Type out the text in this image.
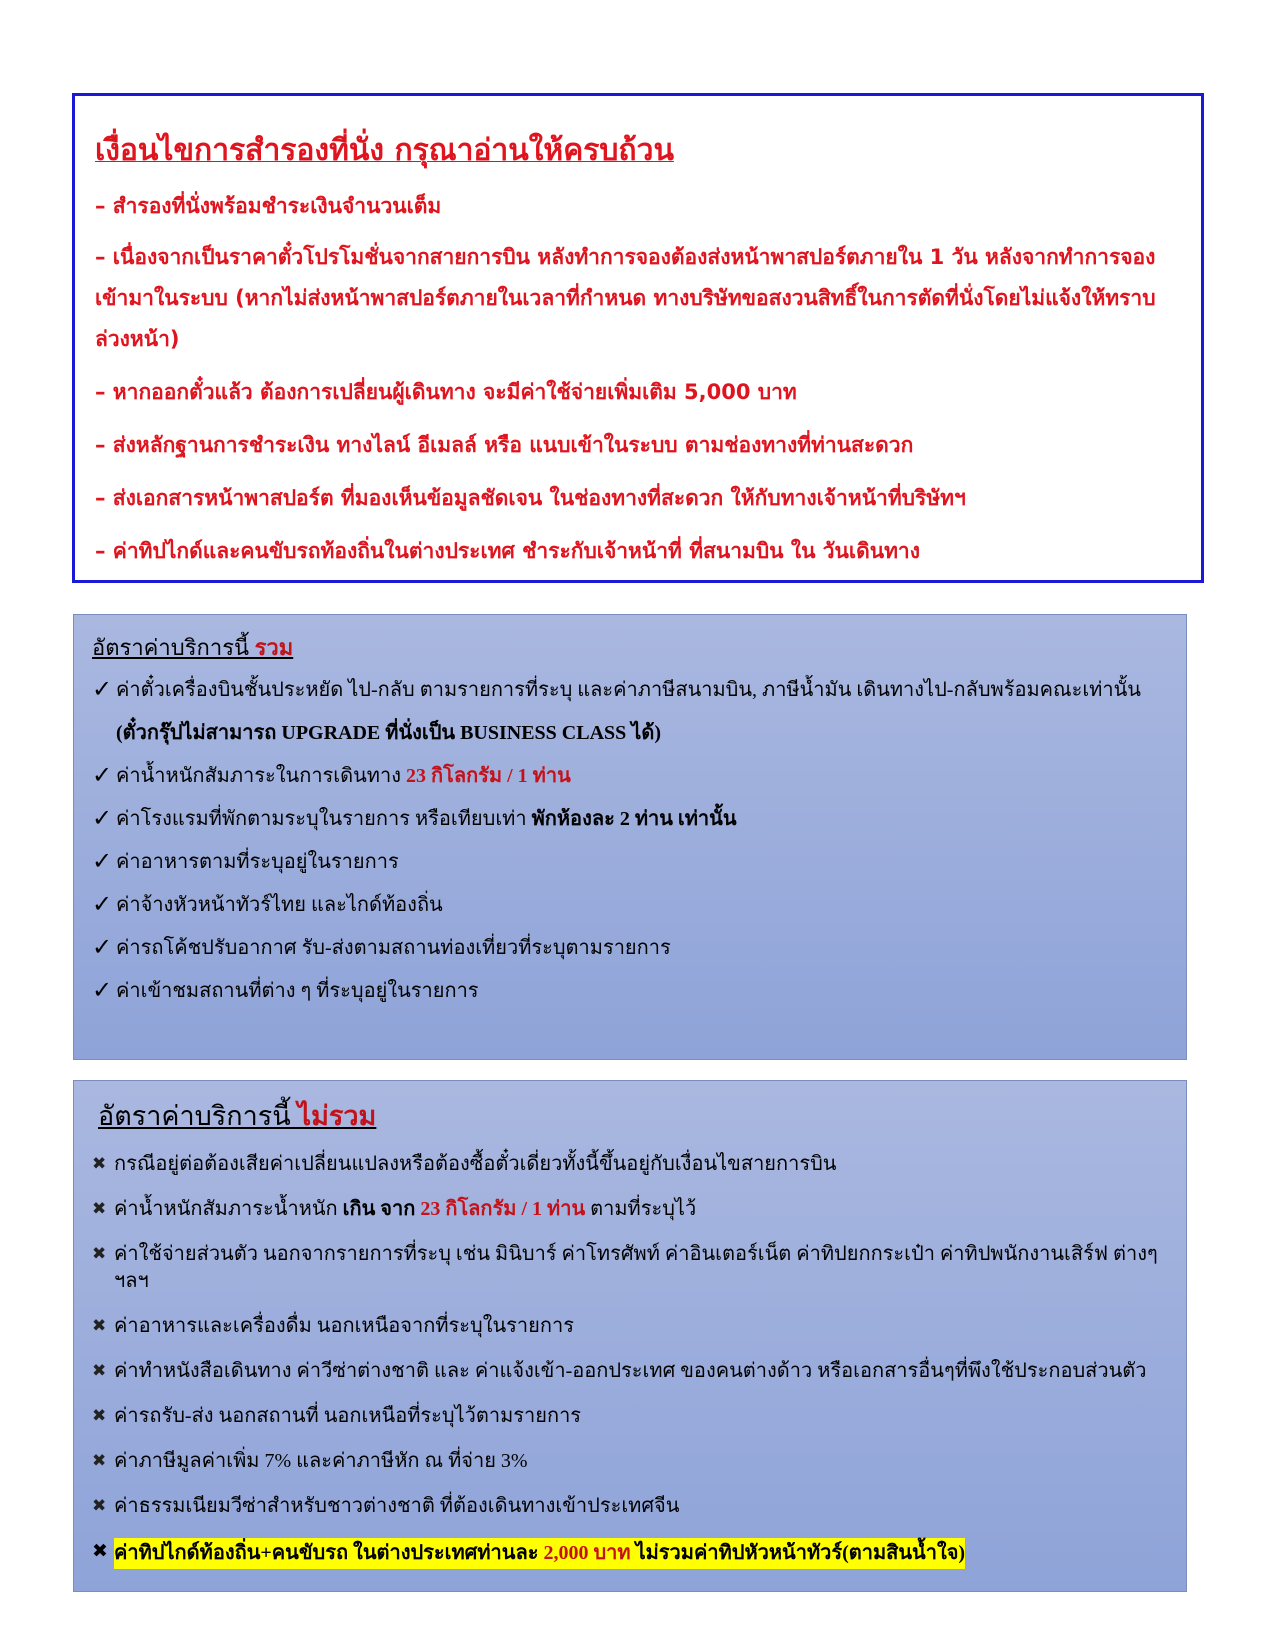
เงื่อนไขการสำรองที่นั่ง กรุณาอ่านให้ครบถ้วน
– สำรองที่นั่งพร้อมชำระเงินจำนวนเต็ม
– เนื่องจากเป็นราคาตั๋วโปรโมชั่นจากสายการบิน หลังทำการจองต้องส่งหน้าพาสปอร์ตภายใน 1 วัน หลังจากทำการจองเข้ามาในระบบ (หากไม่ส่งหน้าพาสปอร์ตภายในเวลาที่กำหนด ทางบริษัทขอสงวนสิทธิ์ในการตัดที่นั่งโดยไม่แจ้งให้ทราบล่วงหน้า)
– หากออกตั๋วแล้ว ต้องการเปลี่ยนผู้เดินทาง จะมีค่าใช้จ่ายเพิ่มเติม 5,000 บาท
– ส่งหลักฐานการชำระเงิน ทางไลน์ อีเมลล์ หรือ แนบเข้าในระบบ ตามช่องทางที่ท่านสะดวก
– ส่งเอกสารหน้าพาสปอร์ต ที่มองเห็นข้อมูลชัดเจน ในช่องทางที่สะดวก ให้กับทางเจ้าหน้าที่บริษัทฯ
– ค่าทิปไกด์และคนขับรถท้องถิ่นในต่างประเทศ ชำระกับเจ้าหน้าที่ ที่สนามบิน ใน วันเดินทาง
อัตราค่าบริการนี้ รวม
✓ ค่าตั๋วเครื่องบินชั้นประหยัด ไป-กลับ ตามรายการที่ระบุ และค่าภาษีสนามบิน, ภาษีน้ำมัน เดินทางไป-กลับพร้อมคณะเท่านั้น
(ตั๋วกรุ๊ปไม่สามารถ UPGRADE ที่นั่งเป็น BUSINESS CLASS ได้)
✓ ค่าน้ำหนักสัมภาระในการเดินทาง 23 กิโลกรัม / 1 ท่าน
✓ ค่าโรงแรมที่พักตามระบุในรายการ หรือเทียบเท่า พักห้องละ 2 ท่าน เท่านั้น
✓ ค่าอาหารตามที่ระบุอยู่ในรายการ
✓ ค่าจ้างหัวหน้าทัวร์ไทย และไกด์ท้องถิ่น
✓ ค่ารถโค้ชปรับอากาศ รับ-ส่งตามสถานท่องเที่ยวที่ระบุตามรายการ
✓ ค่าเข้าชมสถานที่ต่าง ๆ ที่ระบุอยู่ในรายการ
อัตราค่าบริการนี้ ไม่รวม
✖ กรณีอยู่ต่อต้องเสียค่าเปลี่ยนแปลงหรือต้องซื้อตั๋วเดี่ยวทั้งนี้ขึ้นอยู่กับเงื่อนไขสายการบิน
✖ ค่าน้ำหนักสัมภาระน้ำหนัก เกิน จาก 23 กิโลกรัม / 1 ท่าน ตามที่ระบุไว้
✖ ค่าใช้จ่ายส่วนตัว นอกจากรายการที่ระบุ เช่น มินิบาร์ ค่าโทรศัพท์ ค่าอินเตอร์เน็ต ค่าทิปยกกระเป๋า ค่าทิปพนักงานเสิร์ฟ ต่างๆ ฯลฯ
✖ ค่าอาหารและเครื่องดื่ม นอกเหนือจากที่ระบุในรายการ
✖ ค่าทำหนังสือเดินทาง ค่าวีซ่าต่างชาติ และ ค่าแจ้งเข้า-ออกประเทศ ของคนต่างด้าว หรือเอกสารอื่นๆที่พึงใช้ประกอบส่วนตัว
✖ ค่ารถรับ-ส่ง นอกสถานที่ นอกเหนือที่ระบุไว้ตามรายการ
✖ ค่าภาษีมูลค่าเพิ่ม 7% และค่าภาษีหัก ณ ที่จ่าย 3%
✖ ค่าธรรมเนียมวีซ่าสำหรับชาวต่างชาติ ที่ต้องเดินทางเข้าประเทศจีน
✖ ค่าทิปไกด์ท้องถิ่น+คนขับรถ ในต่างประเทศท่านละ 2,000 บาท ไม่รวมค่าทิปหัวหน้าทัวร์(ตามสินน้ำใจ)
